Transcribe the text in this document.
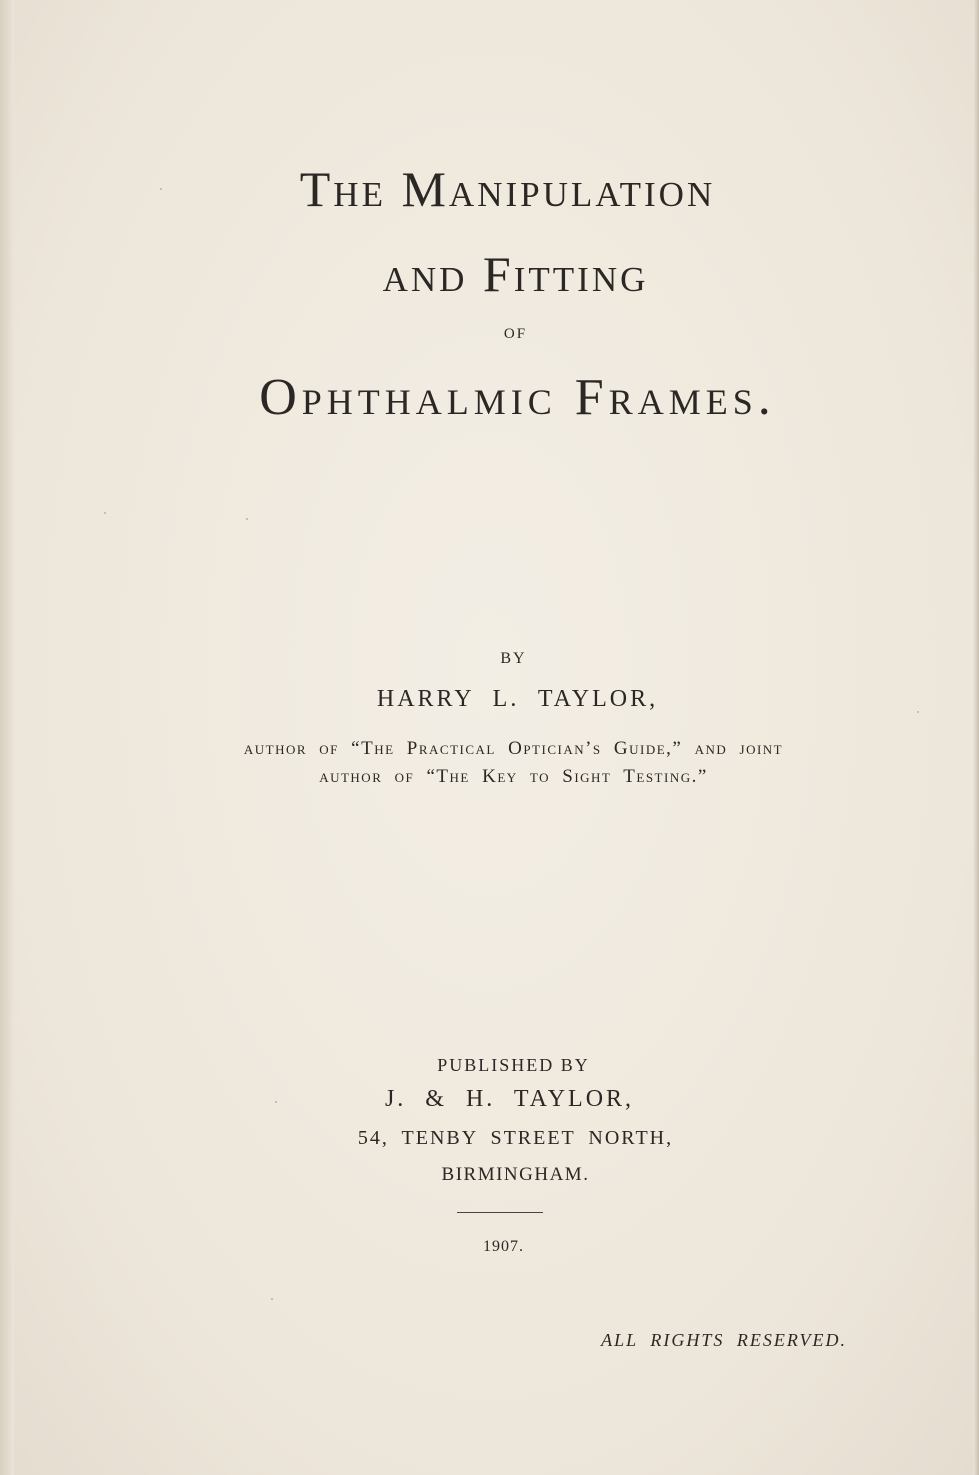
The Manipulation
and Fitting
OF
Ophthalmic Frames.
BY
HARRY L. TAYLOR,
author of “The Practical Optician’s Guide,” and joint
author of “The Key to Sight Testing.”
PUBLISHED BY
J. & H. TAYLOR,
54, TENBY STREET NORTH,
BIRMINGHAM.
1907.
ALL RIGHTS RESERVED.
